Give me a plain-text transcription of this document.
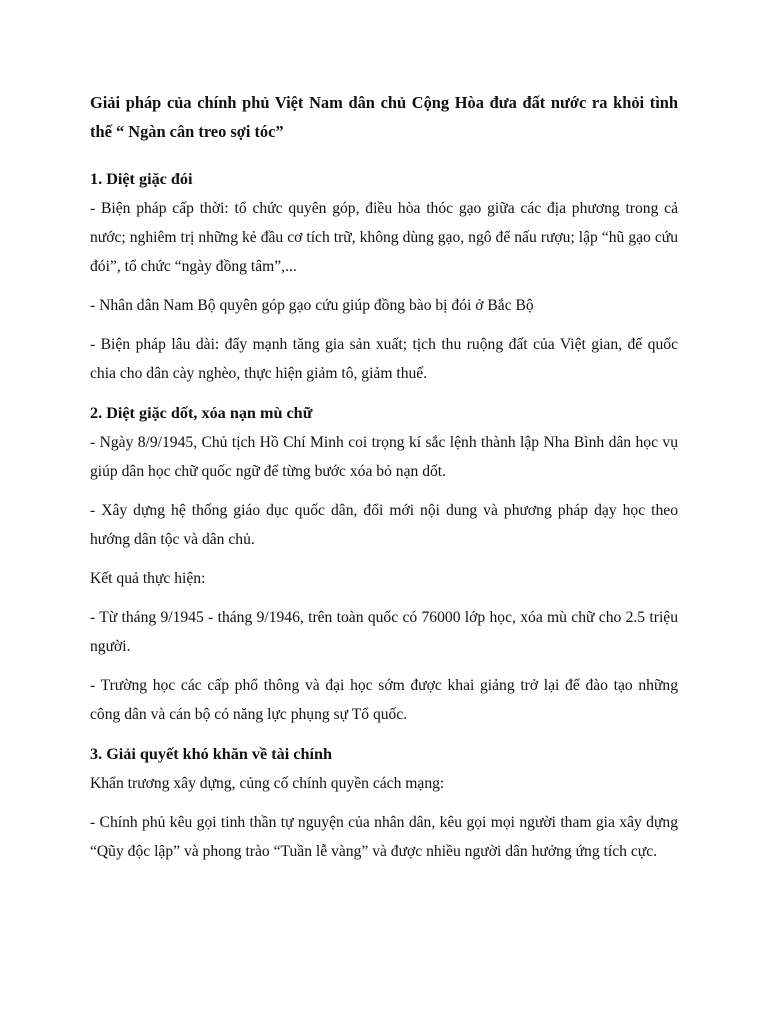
Giải pháp của chính phủ Việt Nam dân chủ Cộng Hòa đưa đất nước ra khỏi tình thế “ Ngàn cân treo sợi tóc”
1. Diệt giặc đói

- Biện pháp cấp thời: tổ chức quyên góp, điều hòa thóc gạo giữa các địa phương trong cả nước; nghiêm trị những kẻ đầu cơ tích trữ, không dùng gạo, ngô để nấu rượu; lập “hũ gạo cứu đói”, tổ chức “ngày đồng tâm”,...

- Nhân dân Nam Bộ quyên góp gạo cứu giúp đồng bào bị đói ở Bắc Bộ

- Biện pháp lâu dài: đẩy mạnh tăng gia sản xuất; tịch thu ruộng đất của Việt gian, đế quốc chia cho dân cày nghèo, thực hiện giảm tô, giảm thuế.

2. Diệt giặc dốt, xóa nạn mù chữ

- Ngày 8/9/1945, Chủ tịch Hồ Chí Minh coi trọng kí sắc lệnh thành lập Nha Bình dân học vụ giúp dân học chữ quốc ngữ để từng bước xóa bỏ nạn dốt.

- Xây dựng hệ thống giáo dục quốc dân, đổi mới nội dung và phương pháp dạy học theo hướng dân tộc và dân chủ.

Kết quả thực hiện:

- Từ tháng 9/1945 - tháng 9/1946, trên toàn quốc có 76000 lớp học, xóa mù chữ cho 2.5 triệu người.

- Trường học các cấp phổ thông và đại học sớm được khai giảng trở lại để đào tạo những công dân và cán bộ có năng lực phụng sự Tổ quốc.

3. Giải quyết khó khăn về tài chính

Khẩn trương xây dựng, củng cố chính quyền cách mạng:

- Chính phủ kêu gọi tinh thần tự nguyện của nhân dân, kêu gọi mọi người tham gia xây dựng “Qũy độc lập” và phong trào “Tuần lễ vàng” và được nhiều người dân hưởng ứng tích cực.
